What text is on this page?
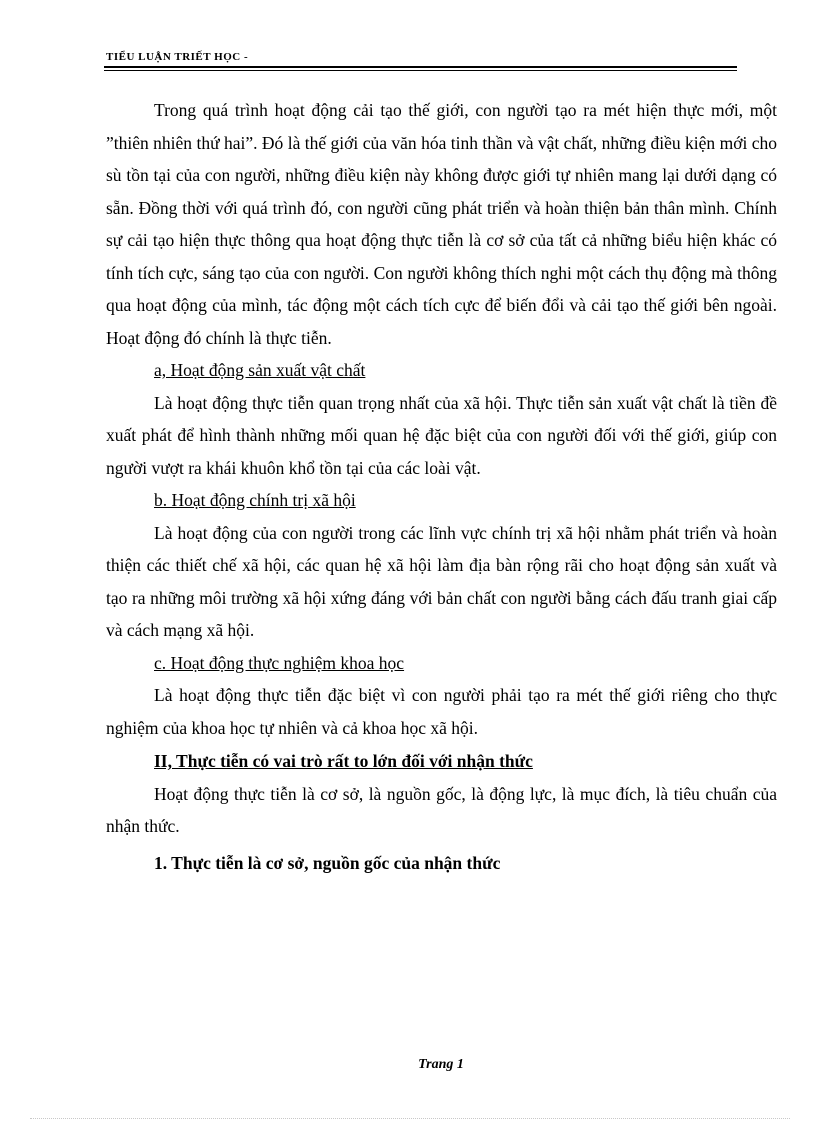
TIỂU LUẬN TRIẾT HỌC -

Trong quá trình hoạt động cải tạo thế giới, con người tạo ra mét hiện thực mới, một ”thiên nhiên thứ hai”. Đó là thế giới của văn hóa tinh thần và vật chất, những điều kiện mới cho sù tồn tại của con người, những điều kiện này không được giới tự nhiên mang lại dưới dạng có sẵn. Đồng thời với quá trình đó, con người cũng phát triển và hoàn thiện bản thân mình. Chính sự cải tạo hiện thực thông qua hoạt động thực tiễn là cơ sở của tất cả những biểu hiện khác có tính tích cực, sáng tạo của con người. Con người không thích nghi một cách thụ động mà thông qua hoạt động của mình, tác động một cách tích cực để biến đổi và cải tạo thế giới bên ngoài. Hoạt động đó chính là thực tiễn.

a, Hoạt động sản xuất vật chất

Là hoạt động thực tiễn quan trọng nhất của xã hội. Thực tiễn sản xuất vật chất là tiền đề xuất phát để hình thành những mối quan hệ đặc biệt của con người đối với thế giới, giúp con người vượt ra khái khuôn khổ tồn tại của các loài vật.

b. Hoạt động chính trị xã hội

Là hoạt động của con người trong các lĩnh vực chính trị xã hội nhằm phát triển và hoàn thiện các thiết chế xã hội, các quan hệ xã hội làm địa bàn rộng rãi cho hoạt động sản xuất và tạo ra những môi trường xã hội xứng đáng với bản chất con người bằng cách đấu tranh giai cấp và cách mạng xã hội.

c. Hoạt động thực nghiệm khoa học

Là hoạt động thực tiễn đặc biệt vì con người phải tạo ra mét thế giới riêng cho thực nghiệm của khoa học tự nhiên và cả khoa học xã hội.

II, Thực tiễn có vai trò rất to lớn đối với nhận thức

Hoạt động thực tiễn là cơ sở, là nguồn gốc, là động lực, là mục đích, là tiêu chuẩn của nhận thức.

1. Thực tiễn là cơ sở, nguồn gốc của nhận thức

Trang 1
